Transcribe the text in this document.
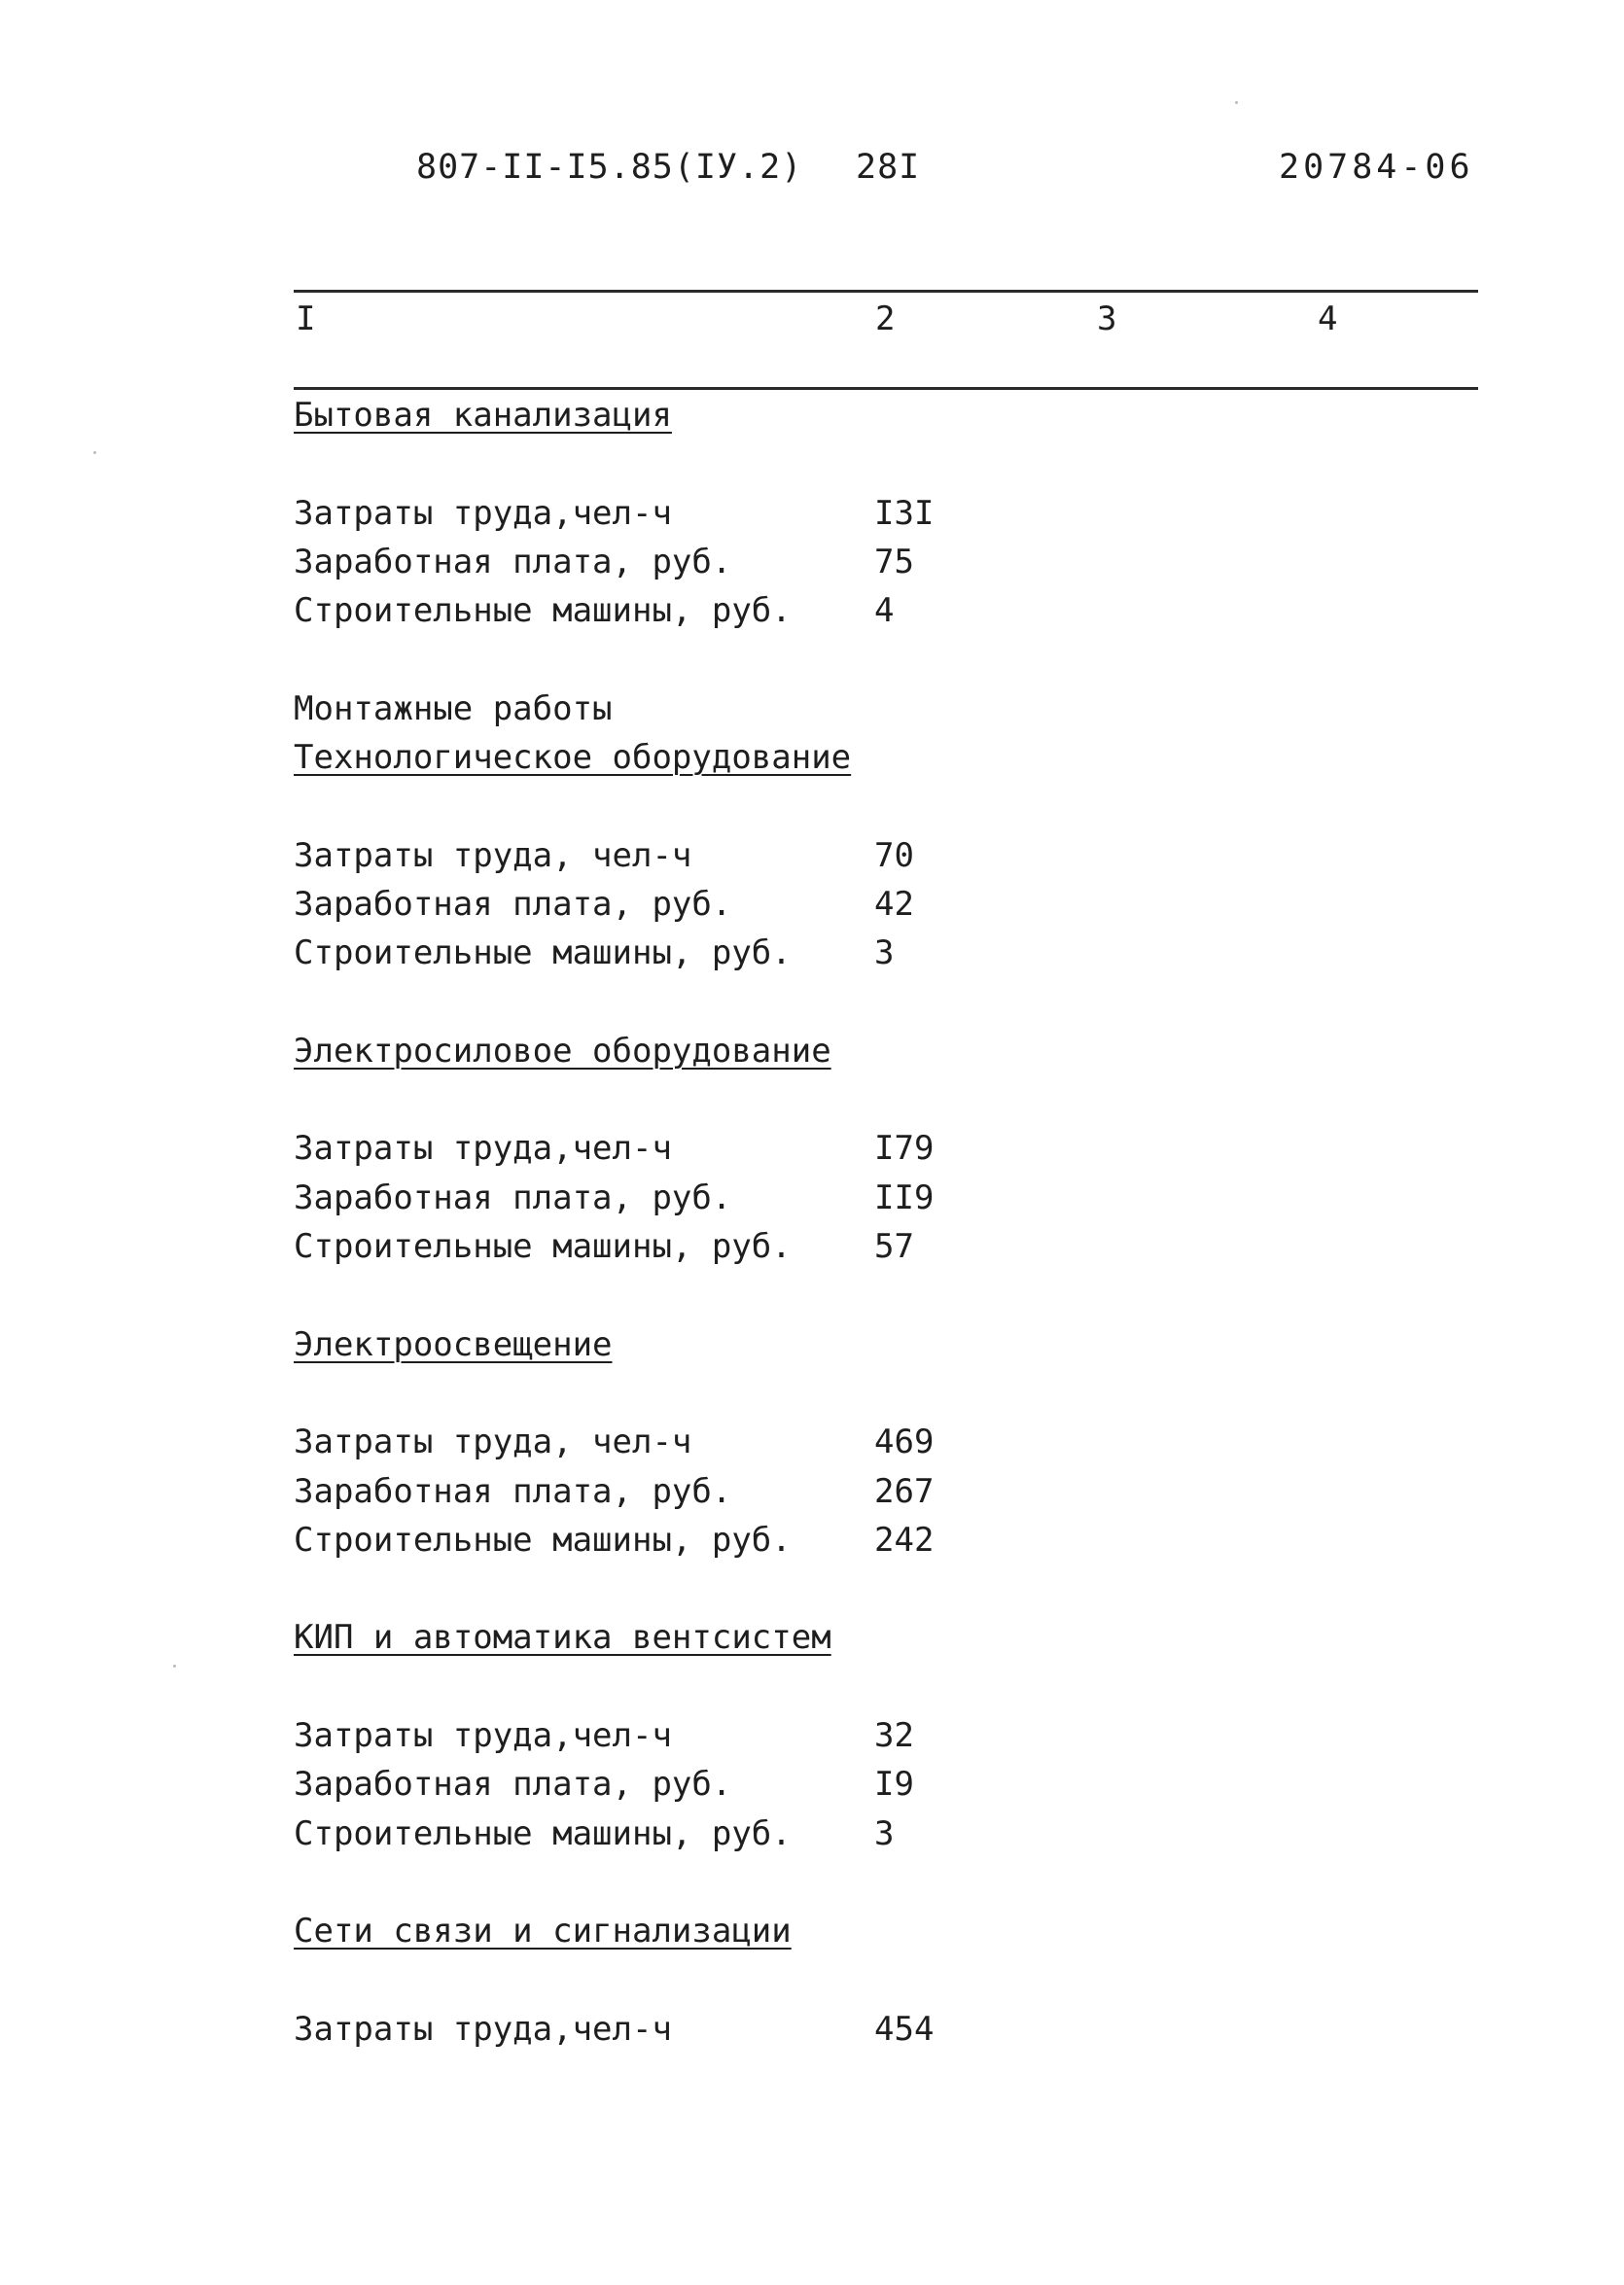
807-II-I5.85(IУ.2) 28I	20784-06
I	2	3	4
Бытовая канализация
Затраты труда,чел-ч	I3I
Заработная плата, руб.	75
Строительные машины, руб.	4
Монтажные работы
Технологическое оборудование
Затраты труда, чел-ч	70
Заработная плата, руб.	42
Строительные машины, руб.	3
Электросиловое оборудование
Затраты труда,чел-ч	I79
Заработная плата, руб.	II9
Строительные машины, руб.	57
Электроосвещение
Затраты труда, чел-ч	469
Заработная плата, руб.	267
Строительные машины, руб.	242
КИП и автоматика вентсистем
Затраты труда,чел-ч	32
Заработная плата, руб.	I9
Строительные машины, руб.	3
Сети связи и сигнализации
Затраты труда,чел-ч	454
